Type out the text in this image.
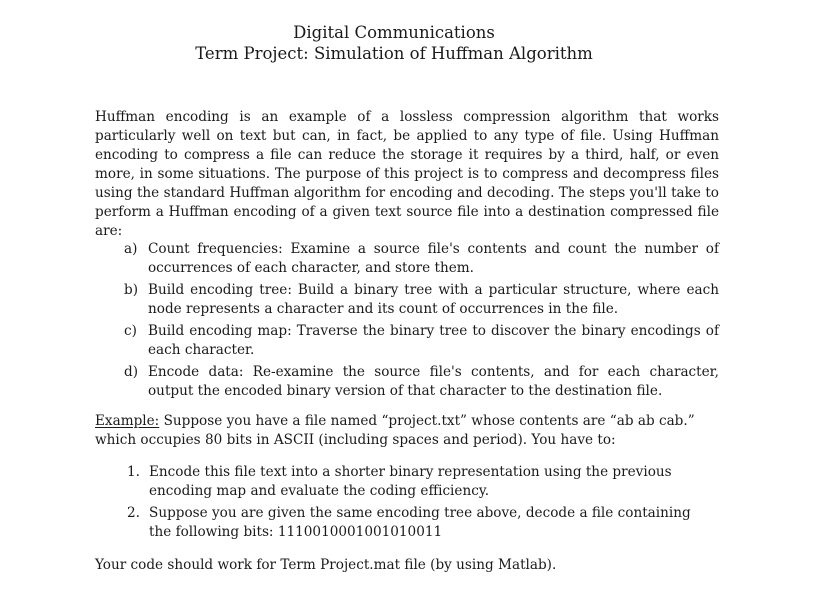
Digital Communications
Term Project: Simulation of Huffman Algorithm
Huffman encoding is an example of a lossless compression algorithm that works particularly well on text but can, in fact, be applied to any type of file. Using Huffman encoding to compress a file can reduce the storage it requires by a third, half, or even more, in some situations. The purpose of this project is to compress and decompress files using the standard Huffman algorithm for encoding and decoding. The steps you'll take to perform a Huffman encoding of a given text source file into a destination compressed file are:
a) Count frequencies: Examine a source file's contents and count the number of occurrences of each character, and store them.
b) Build encoding tree: Build a binary tree with a particular structure, where each node represents a character and its count of occurrences in the file.
c) Build encoding map: Traverse the binary tree to discover the binary encodings of each character.
d) Encode data: Re-examine the source file's contents, and for each character, output the encoded binary version of that character to the destination file.
Example: Suppose you have a file named “project.txt” whose contents are “ab ab cab.”
which occupies 80 bits in ASCII (including spaces and period). You have to:
1. Encode this file text into a shorter binary representation using the previous encoding map and evaluate the coding efficiency.
2. Suppose you are given the same encoding tree above, decode a file containing the following bits: 1110010001001010011
Your code should work for Term Project.mat file (by using Matlab).
